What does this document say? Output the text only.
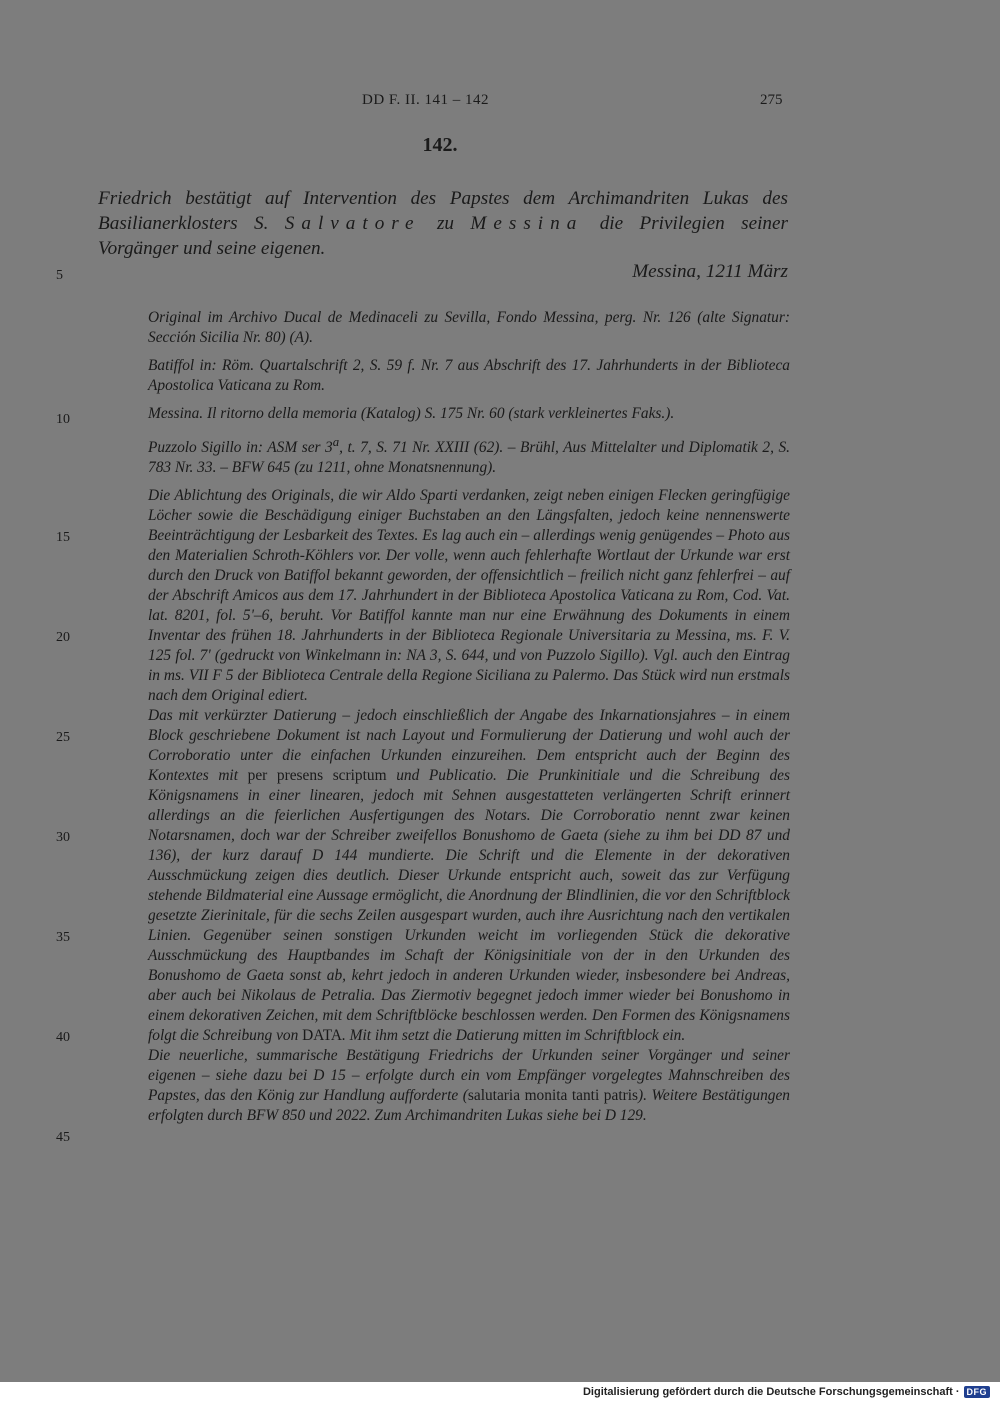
DD F. II. 141 – 142	275
142.
Friedrich bestätigt auf Intervention des Papstes dem Archimandriten Lukas des Basilianerklosters S. Salvatore zu Messina die Privilegien seiner Vorgänger und seine eigenen.
Messina, 1211 März
5
10
15
20
25
30
35
40
45

Original im Archivo Ducal de Medinaceli zu Sevilla, Fondo Messina, perg. Nr. 126 (alte Signatur: Sección Sicilia Nr. 80) (A).

Batiffol in: Röm. Quartalschrift 2, S. 59 f. Nr. 7 aus Abschrift des 17. Jahrhunderts in der Biblioteca Apostolica Vaticana zu Rom.

Messina. Il ritorno della memoria (Katalog) S. 175 Nr. 60 (stark verkleinertes Faks.).

Puzzolo Sigillo in: ASM ser 3$^a$, t. 7, S. 71 Nr. XXIII (62). – Brühl, Aus Mittelalter und Diplomatik 2, S. 783 Nr. 33. – BFW 645 (zu 1211, ohne Monatsnennung).

Die Ablichtung des Originals, die wir Aldo Sparti verdanken, zeigt neben einigen Flecken geringfügige Löcher sowie die Beschädigung einiger Buchstaben an den Längsfalten, jedoch keine nennenswerte Beeinträchtigung der Lesbarkeit des Textes. Es lag auch ein – allerdings wenig genügendes – Photo aus den Materialien Schroth-Köhlers vor. Der volle, wenn auch fehlerhafte Wortlaut der Urkunde war erst durch den Druck von Batiffol bekannt geworden, der offensichtlich – freilich nicht ganz fehlerfrei – auf der Abschrift Amicos aus dem 17. Jahrhundert in der Biblioteca Apostolica Vaticana zu Rom, Cod. Vat. lat. 8201, fol. 5'–6, beruht. Vor Batiffol kannte man nur eine Erwähnung des Dokuments in einem Inventar des frühen 18. Jahrhunderts in der Biblioteca Regionale Universitaria zu Messina, ms. F. V. 125 fol. 7' (gedruckt von Winkelmann in: NA 3, S. 644, und von Puzzolo Sigillo). Vgl. auch den Eintrag in ms. VII F 5 der Biblioteca Centrale della Regione Siciliana zu Palermo. Das Stück wird nun erstmals nach dem Original ediert.

Das mit verkürzter Datierung – jedoch einschließlich der Angabe des Inkarnationsjahres – in einem Block geschriebene Dokument ist nach Layout und Formulierung der Datierung und wohl auch der Corroboratio unter die einfachen Urkunden einzureihen. Dem entspricht auch der Beginn des Kontextes mit per presens scriptum und Publicatio. Die Prunkinitiale und die Schreibung des Königsnamens in einer linearen, jedoch mit Sehnen ausgestatteten verlängerten Schrift erinnert allerdings an die feierlichen Ausfertigungen des Notars. Die Corroboratio nennt zwar keinen Notarsnamen, doch war der Schreiber zweifellos Bonushomo de Gaeta (siehe zu ihm bei DD 87 und 136), der kurz darauf D 144 mundierte. Die Schrift und die Elemente in der dekorativen Ausschmückung zeigen dies deutlich. Dieser Urkunde entspricht auch, soweit das zur Verfügung stehende Bildmaterial eine Aussage ermöglicht, die Anordnung der Blindlinien, die vor den Schriftblock gesetzte Zierinitale, für die sechs Zeilen ausgespart wurden, auch ihre Ausrichtung nach den vertikalen Linien. Gegenüber seinen sonstigen Urkunden weicht im vorliegenden Stück die dekorative Ausschmückung des Hauptbandes im Schaft der Königsinitiale von der in den Urkunden des Bonushomo de Gaeta sonst ab, kehrt jedoch in anderen Urkunden wieder, insbesondere bei Andreas, aber auch bei Nikolaus de Petralia. Das Ziermotiv begegnet jedoch immer wieder bei Bonushomo in einem dekorativen Zeichen, mit dem Schriftblöcke beschlossen werden. Den Formen des Königsnamens folgt die Schreibung von DATA. Mit ihm setzt die Datierung mitten im Schriftblock ein.

Die neuerliche, summarische Bestätigung Friedrichs der Urkunden seiner Vorgänger und seiner eigenen – siehe dazu bei D 15 – erfolgte durch ein vom Empfänger vorgelegtes Mahnschreiben des Papstes, das den König zur Handlung aufforderte (salutaria monita tanti patris). Weitere Bestätigungen erfolgten durch BFW 850 und 2022. Zum Archimandriten Lukas siehe bei D 129.

Digitalisierung gefördert durch die Deutsche Forschungsgemeinschaft · DFG
